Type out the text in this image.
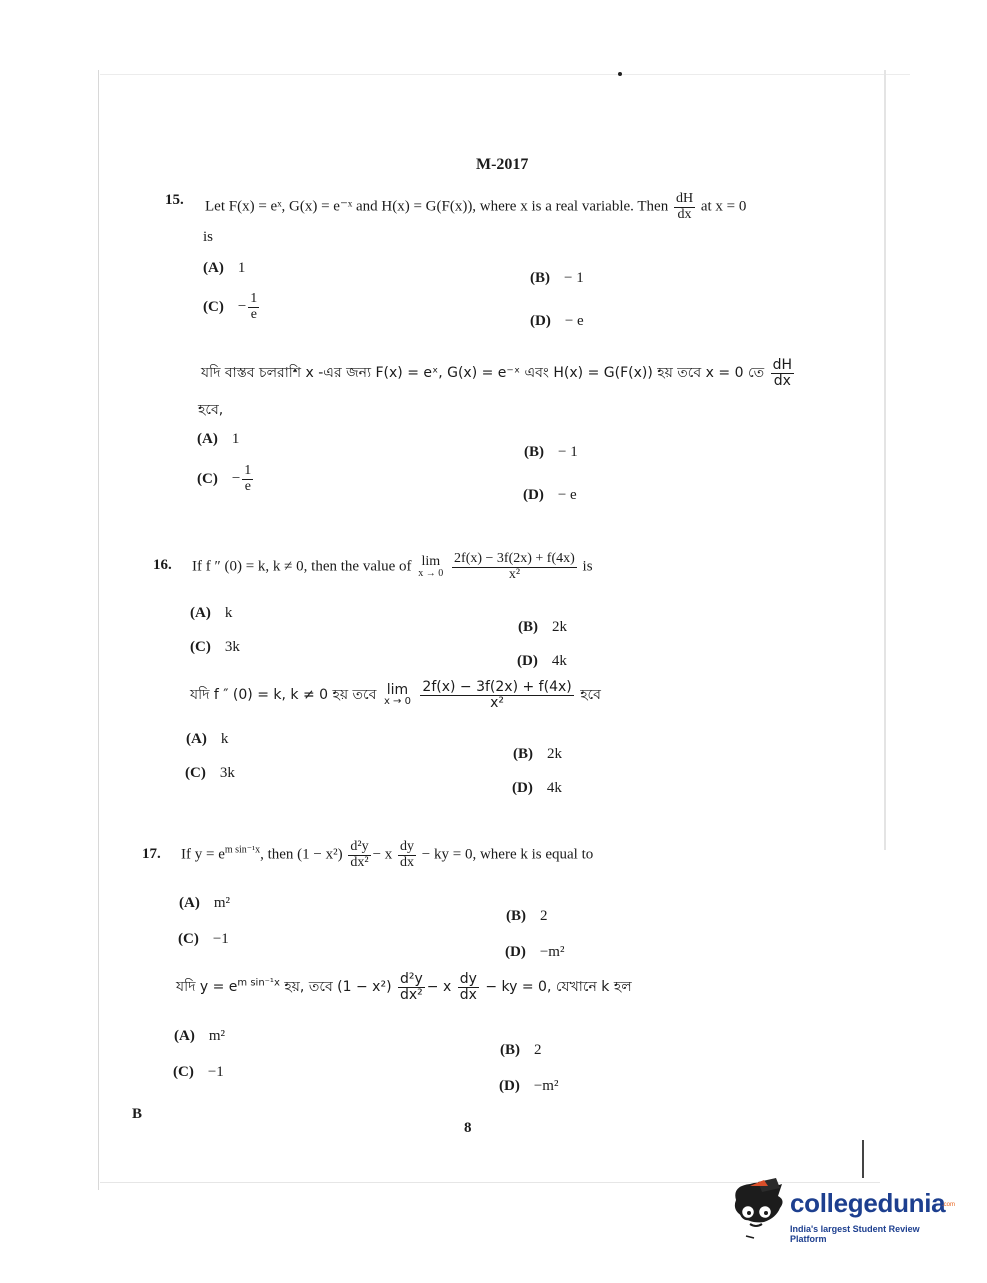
M-2017
15. Let F(x) = eˣ, G(x) = e⁻ˣ and H(x) = G(F(x)), where x is a real variable. Then $\frac{dH}{dx}$ at x = 0
is
(A) 1
(B) − 1
$(C) - \frac{1}{e}$	(D) − e
যদি বাস্তব চলরাশি x -এর জন্য F(x) = eˣ, G(x) = e⁻ˣ এবং H(x) = G(F(x)) হয় তবে x = 0 তে $\frac{dH}{dx}$
হবে,
(A) 1
(B) − 1
$(C) - \frac{1}{e}$
(D) − e
16. If f ″ (0) = k, k ≠ 0, then the value of lim
x → 0
$\frac{2f(x) - 3f(2x) + f(4x)}{\text{x²}}$ is
(A) k
(B) 2k
(C) 3k
(D) 4k
যদি f ″ (0) = k, k ≠ 0 হয় তবে lim
x → 0
$\frac{2f(x) - 3f(2x) + f(4x)}{\text{x²}}$ হবে
(A) k
(B) 2k
(C) 3k
(D) 4k
17. If $y = e^{m sin^{-1}x}$, then $(1 - x^2) \frac{\text{d²y}}{\text{dx²}} - x \frac{dy}{dx}$ − ky = 0, where k is equal to
(A) m²
(B) 2
(C) −1
(D) −m²
যদি $y = e^{m sin^{-1}x}$ হয়, তবে $(1 - x^2) \frac{\text{d²y}}{\text{dx²}} - x \frac{dy}{dx}$ − ky = 0, যেখানে k হল
(A) m²
(B) 2
(C) −1
(D) −m²
B
8
collegedunia
.com
India's largest Student Review Platform
